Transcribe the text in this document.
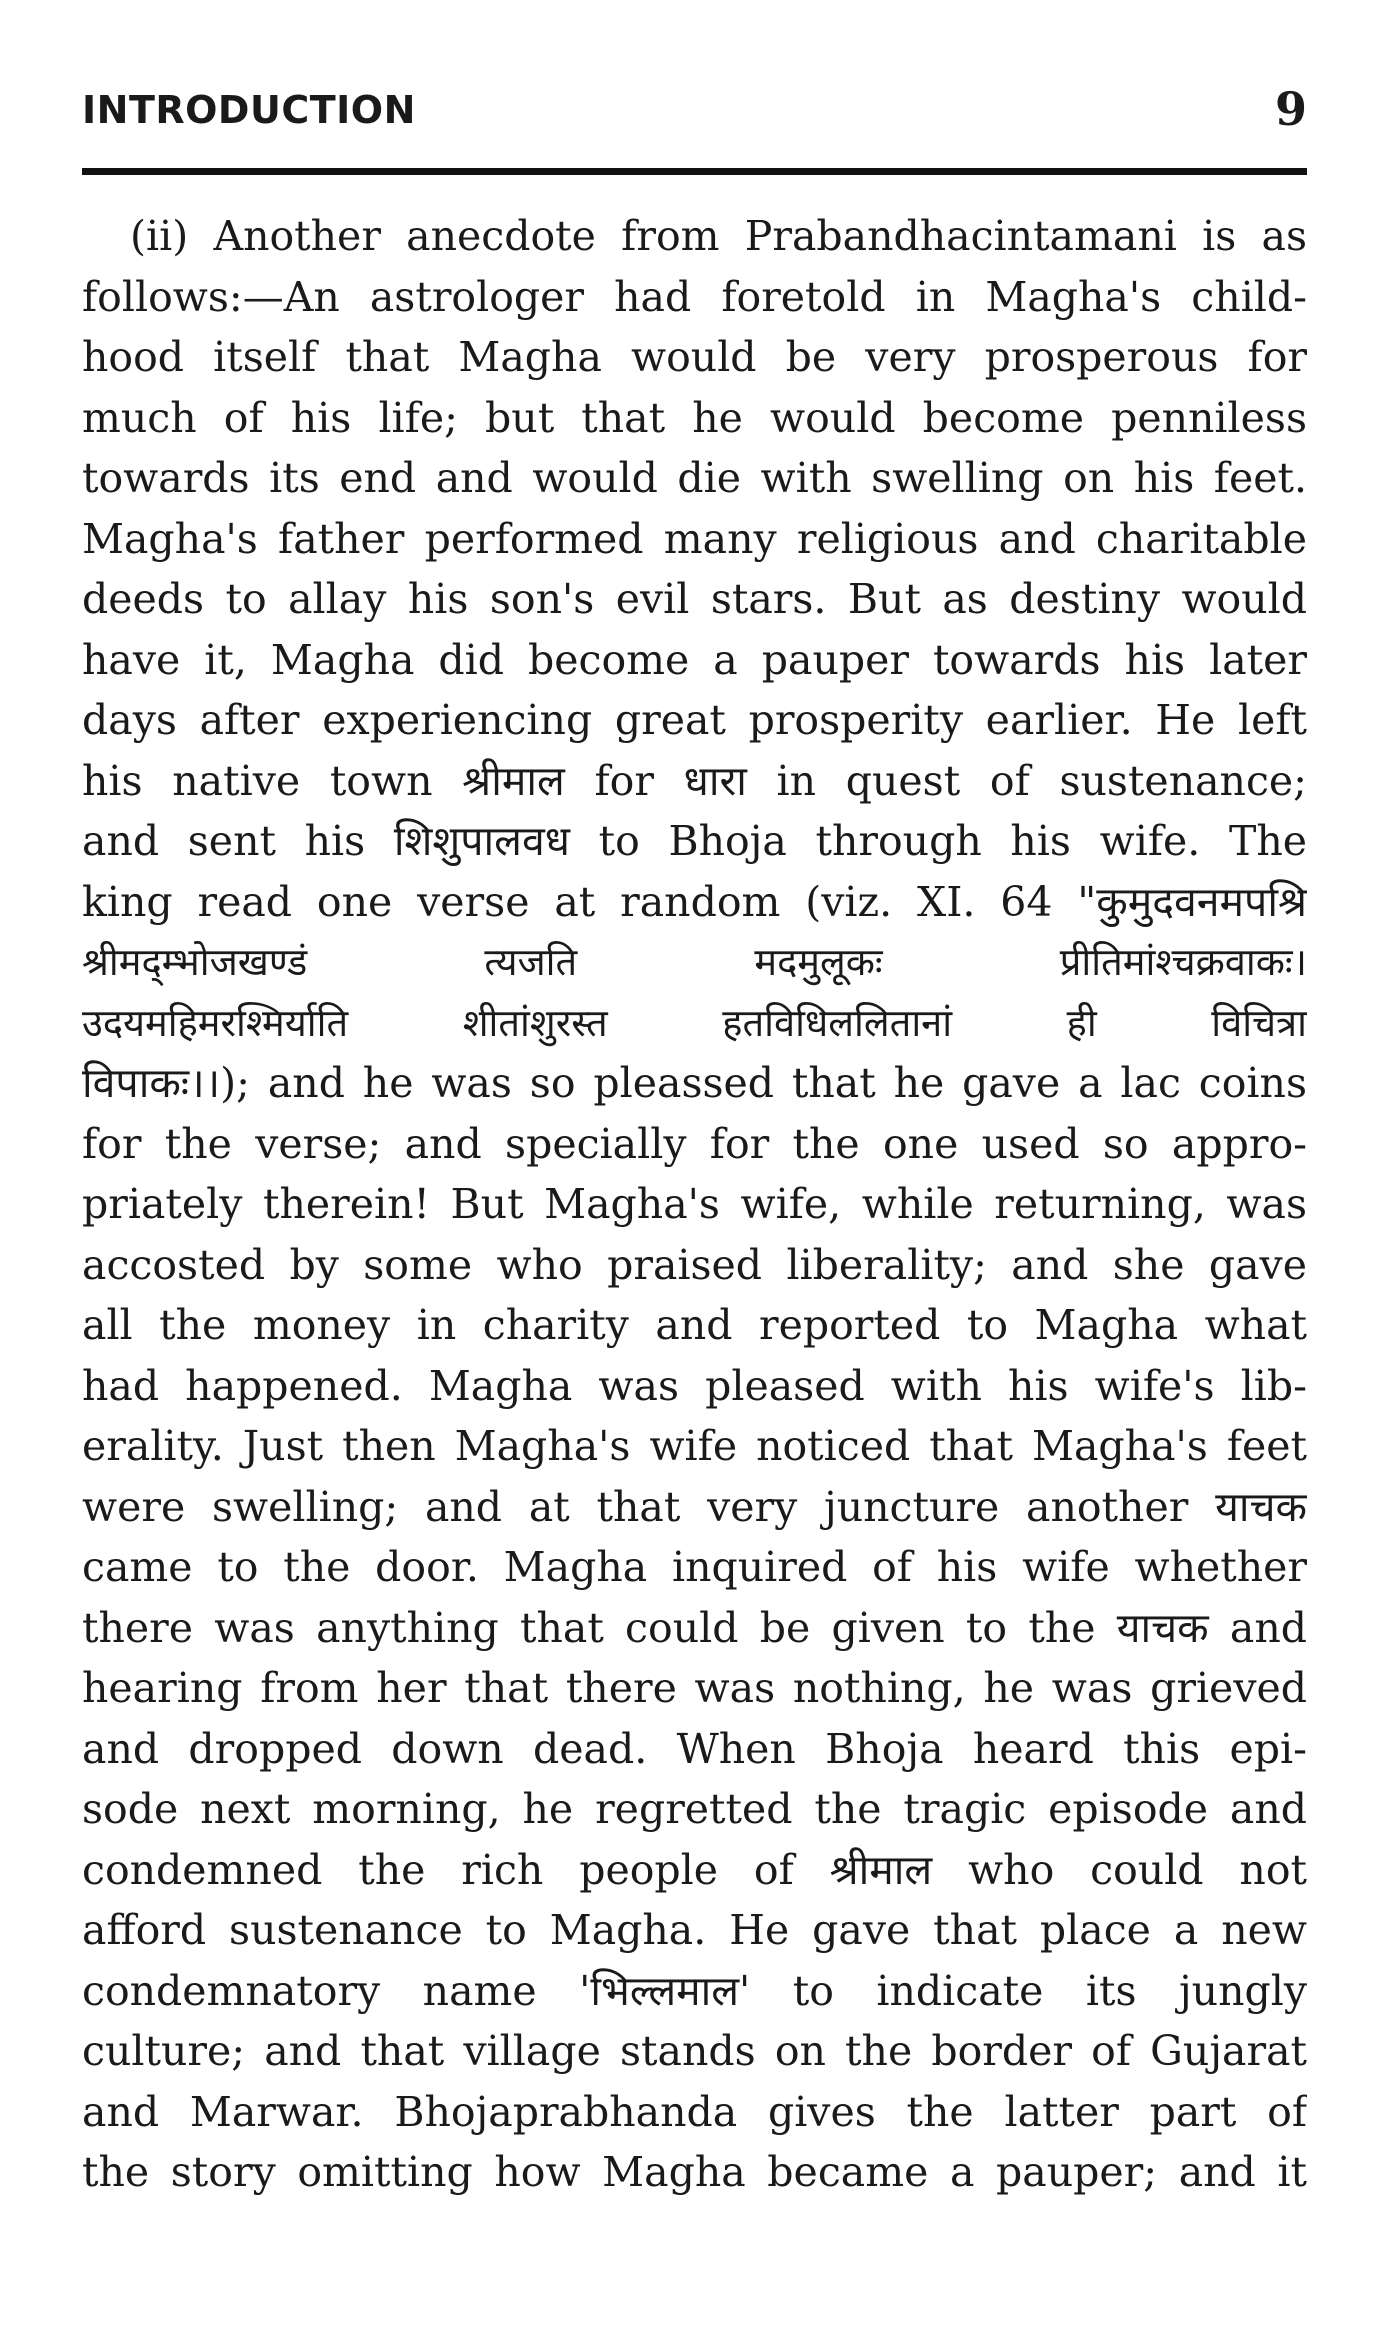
INTRODUCTION	9
(ii) Another anecdote from Prabandhacintamani is as
follows:—An astrologer had foretold in Magha's child-
hood itself that Magha would be very prosperous for
much of his life; but that he would become penniless
towards its end and would die with swelling on his feet.
Magha's father performed many religious and charitable
deeds to allay his son's evil stars. But as destiny would
have it, Magha did become a pauper towards his later
days after experiencing great prosperity earlier. He left
his native town श्रीमाल for धारा in quest of sustenance;
and sent his शिशुपालवध to Bhoja through his wife. The
king read one verse at random (viz. XI. 64 "कुमुदवनमपश्रि
श्रीमद्म्भोजखण्डं त्यजति मदमुलूकः प्रीतिमांश्चक्रवाकः।
उदयमहिमरश्मिर्याति शीतांशुरस्त हतविधिललितानां ही विचित्रा
विपाकः।।); and he was so pleassed that he gave a lac coins
for the verse; and specially for the one used so appro-
priately therein! But Magha's wife, while returning, was
accosted by some who praised liberality; and she gave
all the money in charity and reported to Magha what
had happened. Magha was pleased with his wife's lib-
erality. Just then Magha's wife noticed that Magha's feet
were swelling; and at that very juncture another याचक
came to the door. Magha inquired of his wife whether
there was anything that could be given to the याचक and
hearing from her that there was nothing, he was grieved
and dropped down dead. When Bhoja heard this epi-
sode next morning, he regretted the tragic episode and
condemned the rich people of श्रीमाल who could not
afford sustenance to Magha. He gave that place a new
condemnatory name 'भिल्लमाल' to indicate its jungly
culture; and that village stands on the border of Gujarat
and Marwar. Bhojaprabhanda gives the latter part of
the story omitting how Magha became a pauper; and it
